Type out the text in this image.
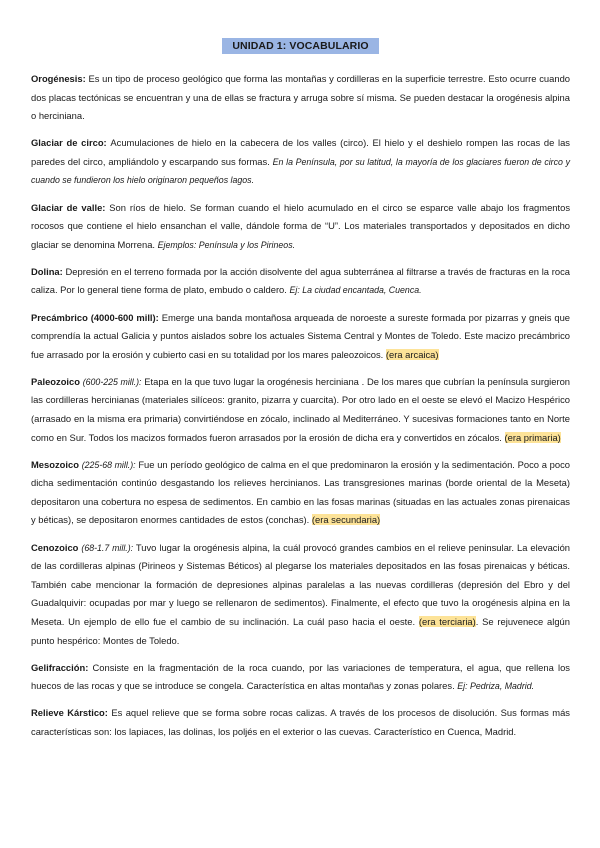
UNIDAD 1: VOCABULARIO

Orogénesis: Es un tipo de proceso geológico que forma las montañas y cordilleras en la superficie terrestre. Esto ocurre cuando dos placas tectónicas se encuentran y una de ellas se fractura y arruga sobre sí misma. Se pueden destacar la orogénesis alpina o herciniana.

Glaciar de circo: Acumulaciones de hielo en la cabecera de los valles (circo). El hielo y el deshielo rompen las rocas de las paredes del circo, ampliándolo y escarpando sus formas. En la Península, por su latitud, la mayoría de los glaciares fueron de circo y cuando se fundieron los hielo originaron pequeños lagos.

Glaciar de valle: Son ríos de hielo. Se forman cuando el hielo acumulado en el circo se esparce valle abajo los fragmentos rocosos que contiene el hielo ensanchan el valle, dándole forma de “U”. Los materiales transportados y depositados en dicho glaciar se denomina Morrena. Ejemplos: Península y los Pirineos.

Dolina: Depresión en el terreno formada por la acción disolvente del agua subterránea al filtrarse a través de fracturas en la roca caliza. Por lo general tiene forma de plato, embudo o caldero. Ej: La ciudad encantada, Cuenca.

Precámbrico (4000-600 mill): Emerge una banda montañosa arqueada de noroeste a sureste formada por pizarras y gneis que comprendía la actual Galicia y puntos aislados sobre los actuales Sistema Central y Montes de Toledo. Este macizo precámbrico fue arrasado por la erosión y cubierto casi en su totalidad por los mares paleozoicos. (era arcaica)

Paleozoico (600-225 mill.): Etapa en la que tuvo lugar la orogénesis herciniana . De los mares que cubrían la península surgieron las cordilleras hercinianas (materiales silíceos: granito, pizarra y cuarcita). Por otro lado en el oeste se elevó el Macizo Hespérico (arrasado en la misma era primaria) convirtiéndose en zócalo, inclinado al Mediterráneo. Y sucesivas formaciones tanto en Norte como en Sur. Todos los macizos formados fueron arrasados por la erosión de dicha era y convertidos en zócalos. (era primaria)

Mesozoico (225-68 mill.): Fue un período geológico de calma en el que predominaron la erosión y la sedimentación. Poco a poco dicha sedimentación continúo desgastando los relieves hercinianos. Las transgresiones marinas (borde oriental de la Meseta) depositaron una cobertura no espesa de sedimentos. En cambio en las fosas marinas (situadas en las actuales zonas pirenaicas y béticas), se depositaron enormes cantidades de estos (conchas). (era secundaria)

Cenozoico (68-1.7 mill.): Tuvo lugar la orogénesis alpina, la cuál provocó grandes cambios en el relieve peninsular. La elevación de las cordilleras alpinas (Pirineos y Sistemas Béticos) al plegarse los materiales depositados en las fosas pirenaicas y béticas. También cabe mencionar la formación de depresiones alpinas paralelas a las nuevas cordilleras (depresión del Ebro y del Guadalquivir: ocupadas por mar y luego se rellenaron de sedimentos). Finalmente, el efecto que tuvo la orogénesis alpina en la Meseta. Un ejemplo de ello fue el cambio de su inclinación. La cuál paso hacia el oeste. (era terciaria). Se rejuvenece algún punto hespérico: Montes de Toledo.

Gelifracción: Consiste en la fragmentación de la roca cuando, por las variaciones de temperatura, el agua, que rellena los huecos de las rocas y que se introduce se congela. Característica en altas montañas y zonas polares. Ej: Pedriza, Madrid.

Relieve Kárstico: Es aquel relieve que se forma sobre rocas calizas. A través de los procesos de disolución. Sus formas más características son: los lapiaces, las dolinas, los poljés en el exterior o las cuevas. Característico en Cuenca, Madrid.
